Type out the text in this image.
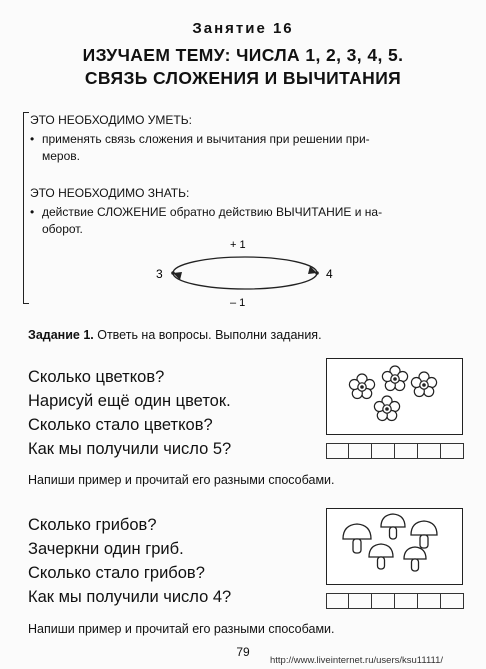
Занятие 16
ИЗУЧАЕМ ТЕМУ: ЧИСЛА 1, 2, 3, 4, 5.
СВЯЗЬ СЛОЖЕНИЯ И ВЫЧИТАНИЯ
ЭТО НЕОБХОДИМО УМЕТЬ:
• применять связь сложения и вычитания при решении при-
меров.
ЭТО НЕОБХОДИМО ЗНАТЬ:
• действие СЛОЖЕНИЕ обратно действию ВЫЧИТАНИЕ и на-
оборот.
3	4
+ 1
– 1
Задание 1. Ответь на вопросы. Выполни задания.
Сколько цветков?
Нарисуй ещё один цветок.
Сколько стало цветков?
Как мы получили число 5?
Напиши пример и прочитай его разными способами.
Сколько грибов?
Зачеркни один гриб.
Сколько стало грибов?
Как мы получили число 4?
Напиши пример и прочитай его разными способами.
79
http://www.liveinternet.ru/users/ksu11111/
